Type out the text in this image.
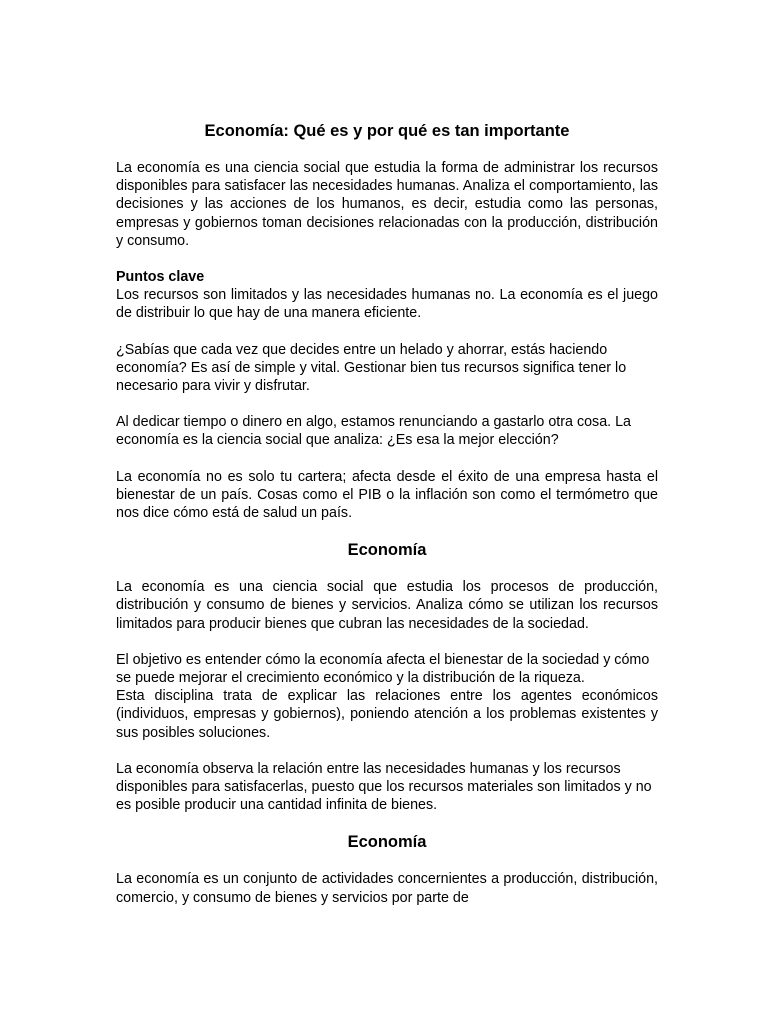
Economía: Qué es y por qué es tan importante

La economía es una ciencia social que estudia la forma de administrar los recursos disponibles para satisfacer las necesidades humanas. Analiza el comportamiento, las decisiones y las acciones de los humanos, es decir, estudia como las personas, empresas y gobiernos toman decisiones relacionadas con la producción, distribución y consumo.

Puntos clave

Los recursos son limitados y las necesidades humanas no. La economía es el juego de distribuir lo que hay de una manera eficiente.

¿Sabías que cada vez que decides entre un helado y ahorrar, estás haciendo economía? Es así de simple y vital. Gestionar bien tus recursos significa tener lo necesario para vivir y disfrutar.

Al dedicar tiempo o dinero en algo, estamos renunciando a gastarlo otra cosa. La economía es la ciencia social que analiza: ¿Es esa la mejor elección?

La economía no es solo tu cartera; afecta desde el éxito de una empresa hasta el bienestar de un país. Cosas como el PIB o la inflación son como el termómetro que nos dice cómo está de salud un país.

Economía

La economía es una ciencia social que estudia los procesos de producción, distribución y consumo de bienes y servicios. Analiza cómo se utilizan los recursos limitados para producir bienes que cubran las necesidades de la sociedad.

El objetivo es entender cómo la economía afecta el bienestar de la sociedad y cómo se puede mejorar el crecimiento económico y la distribución de la riqueza.

Esta disciplina trata de explicar las relaciones entre los agentes económicos (individuos, empresas y gobiernos), poniendo atención a los problemas existentes y sus posibles soluciones.

La economía observa la relación entre las necesidades humanas y los recursos disponibles para satisfacerlas, puesto que los recursos materiales son limitados y no es posible producir una cantidad infinita de bienes.

Economía

La economía es un conjunto de actividades concernientes a producción, distribución, comercio, y consumo de bienes y servicios por parte de
